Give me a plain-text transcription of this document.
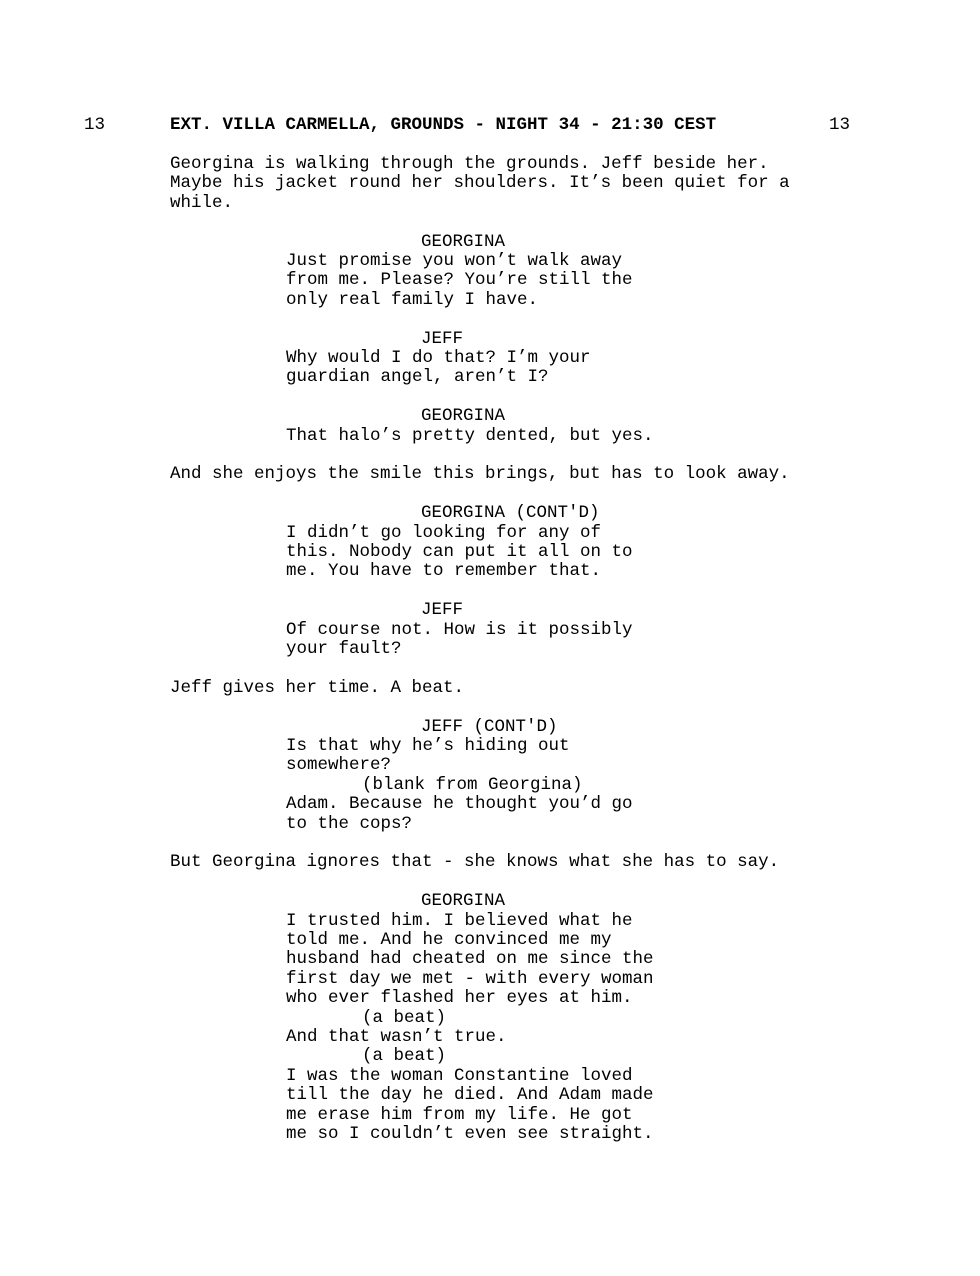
13	EXT. VILLA CARMELLA, GROUNDS - NIGHT 34 - 21:30 CEST	13
Georgina is walking through the grounds. Jeff beside her.
Maybe his jacket round her shoulders. It’s been quiet for a
while.
GEORGINA
Just promise you won’t walk away
from me. Please? You’re still the
only real family I have.
JEFF
Why would I do that? I’m your
guardian angel, aren’t I?
GEORGINA
That halo’s pretty dented, but yes.
And she enjoys the smile this brings, but has to look away.
GEORGINA (CONT'D)
I didn’t go looking for any of
this. Nobody can put it all on to
me. You have to remember that.
JEFF
Of course not. How is it possibly
your fault?
Jeff gives her time. A beat.
JEFF (CONT'D)
Is that why he’s hiding out
somewhere?
(blank from Georgina)
Adam. Because he thought you’d go
to the cops?
But Georgina ignores that - she knows what she has to say.
GEORGINA
I trusted him. I believed what he
told me. And he convinced me my
husband had cheated on me since the
first day we met - with every woman
who ever flashed her eyes at him.
(a beat)
And that wasn’t true.
(a beat)
I was the woman Constantine loved
till the day he died. And Adam made
me erase him from my life. He got
me so I couldn’t even see straight.
